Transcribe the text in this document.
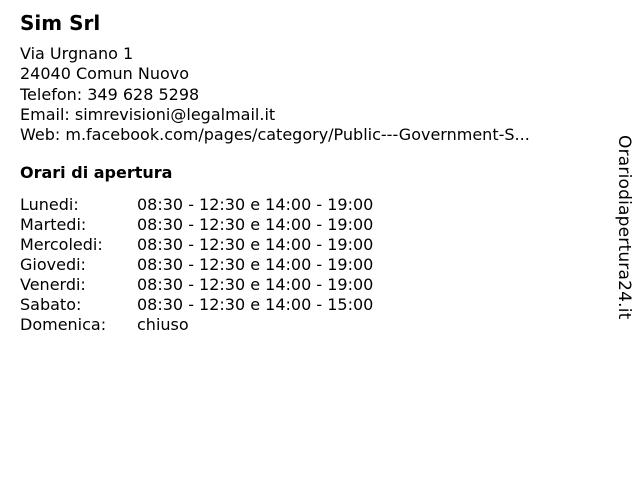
Sim Srl
Via Urgnano 1
24040 Comun Nuovo
Telefon: 349 628 5298
Email: simrevisioni@legalmail.it
Web: m.facebook.com/pages/category/Public---Government-S...
Orari di apertura
Lunedi:	08:30 - 12:30 e 14:00 - 19:00
Martedi:	08:30 - 12:30 e 14:00 - 19:00
Mercoledi:	08:30 - 12:30 e 14:00 - 19:00
Giovedi:	08:30 - 12:30 e 14:00 - 19:00
Venerdi:	08:30 - 12:30 e 14:00 - 19:00
Sabato:	08:30 - 12:30 e 14:00 - 15:00
Domenica:	chiuso
Orariodiapertura24.it
